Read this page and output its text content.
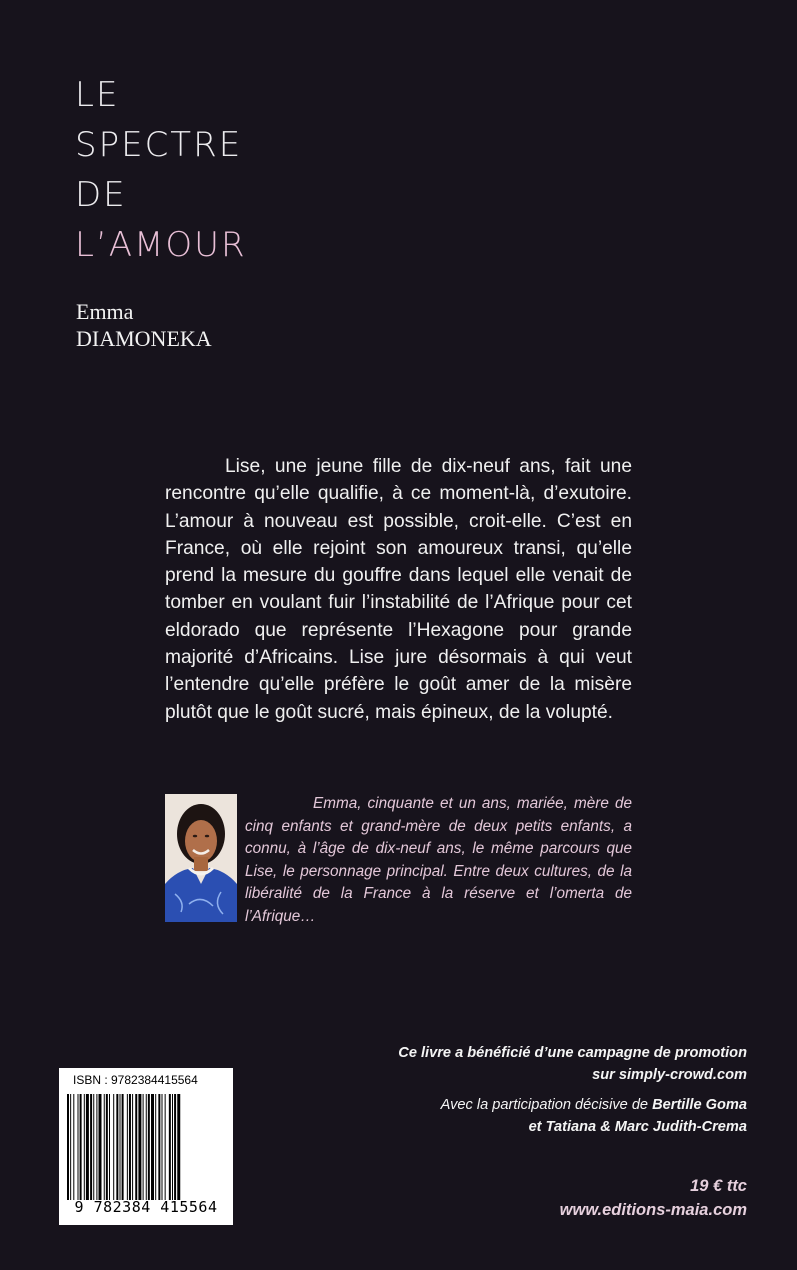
LE
SPECTRE
DE
L’AMOUR
Emma
DIAMONEKA

Lise, une jeune fille de dix-neuf ans, fait une rencontre qu’elle qualifie, à ce moment-là, d’exutoire. L’amour à nouveau est possible, croit-elle. C’est en France, où elle rejoint son amoureux transi, qu’elle prend la mesure du gouffre dans lequel elle venait de tomber en voulant fuir l’instabilité de l’Afrique pour cet eldorado que représente l’Hexagone pour grande majorité d’Africains. Lise jure désormais à qui veut l’entendre qu’elle préfère le goût amer de la misère plutôt que le goût sucré, mais épineux, de la volupté.

Emma, cinquante et un ans, mariée, mère de cinq enfants et grand-mère de deux petits enfants, a connu, à l’âge de dix-neuf ans, le même parcours que Lise, le personnage principal. Entre deux cultures, de la libéralité de la France à la réserve et l’omerta de l’Afrique…

Ce livre a bénéficié d’une campagne de promotion
sur simply-crowd.com
Avec la participation décisive de Bertille Goma
et Tatiana & Marc Judith-Crema
19 € ttc
www.editions-maia.com
ISBN : 9782384415564
9 782384 415564
